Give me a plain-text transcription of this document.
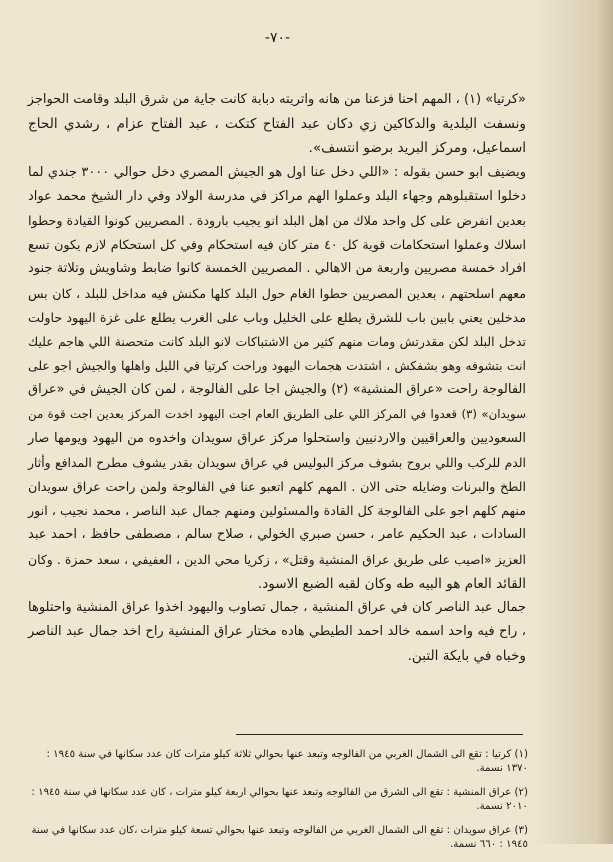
-٧٠-
«كرتيا» (١) ، المهم احنا فزعنا من هانه واتريته دبابة كانت جاية من شرق البلد وقامت الحواجز
ونسفت البلدية والدكاكين زي دكان عبد الفتاح كتكت ، عبد الفتاح عزام ، رشدي الحاج
اسماعيل، ومركز البريد برضو انتسف».
ويضيف ابو حسن بقوله : «اللي دخل عنا اول هو الجيش المصري دخل حوالي ٣٠٠٠ جندي لما
دخلوا استقبلوهم وجهاء البلد وعملوا الهم مراكز في مدرسة الولاد وفي دار الشيخ محمد عواد
بعدين انفرض على كل واحد ملاك من اهل البلد انو يجيب بارودة . المصريين كونوا القيادة وحطوا
اسلاك وعملوا استحكامات قوية كل ٤٠ متر كان فيه استحكام وفي كل استحكام لازم يكون تسع
افراد خمسة مصريين واربعة من الاهالي . المصريين الخمسة كانوا ضابط وشاويش وتلاتة جنود
معهم اسلحتهم ، بعدين المصريين حطوا الغام حول البلد كلها مكنش فيه مداخل للبلد ، كان بس
مدخلين يعني بابين باب للشرق يطلع على الخليل وباب على الغرب يطلع على غزة اليهود حاولت
تدخل البلد لكن مقدرتش ومات منهم كثير من الاشتباكات لانو البلد كانت متحصنة اللي هاجم عليك
انت بتشوفه وهو بشفكش ، اشتدت هجمات اليهود وراحت كرتيا في الليل واهلها والجيش اجو على
الفالوجة راحت «عراق المنشية» (٢) والجيش اجا على الفالوجة ، لمن كان الجيش في «عراق
سويدان» (٣) قعدوا في المركز اللي على الطريق العام اجت اليهود اخدت المركز بعدين اجت قوة من
السعوديين والعراقيين والاردنيين واستحلوا مركز عراق سويدان واخدوه من اليهود ويومها صار
الدم للركب واللي بروح بشوف مركز البوليس في عراق سويدان بقدر يشوف مطرح المدافع وأثار
الطخ والبرنات وضايله حتى الان . المهم كلهم اتعبو عنا في الفالوجة ولمن راحت عراق سويدان
منهم كلهم اجو على الفالوجة كل القادة والمسئولين ومنهم جمال عبد الناصر ، محمد نجيب ، انور
السادات ، عبد الحكيم عامر ، حسن صبري الخولي ، صلاح سالم ، مصطفى حافظ ، احمد عبد
العزيز «اصيب على طريق عراق المنشية وقتل» ، زكريا محي الدين ، العفيفي ، سعد حمزة . وكان
القائد العام هو البيه طه وكان لقبه الضبع الاسود.
جمال عبد الناصر كان في عراق المنشية ، جمال تصاوب واليهود اخذوا عراق المنشية واحتلوها
، راح فيه واحد اسمه خالد احمد الطيطي هاده مختار عراق المنشية راح اخد جمال عبد الناصر
وخباه في بايكة التبن.
(١) كرتيا : تقع الى الشمال الغربي من الفالوجه وتبعد عنها بحوالي ثلاثة كيلو مترات كان عدد سكانها في سنة ١٩٤٥ : ١٣٧٠ نسمة.
(٢) عراق المنشية : تقع الى الشرق من الفالوجه وتبعد عنها بحوالي اربعة كيلو مترات ، كان عدد سكانها في سنة ١٩٤٥ : ٢٠١٠ نسمة.
(٣) عراق سويدان : تقع الى الشمال الغربي من الفالوجه وتبعد عنها بحوالي تسعة كيلو مترات ،كان عدد سكانها في سنة ١٩٤٥ : ٦٦٠ نسمة.
